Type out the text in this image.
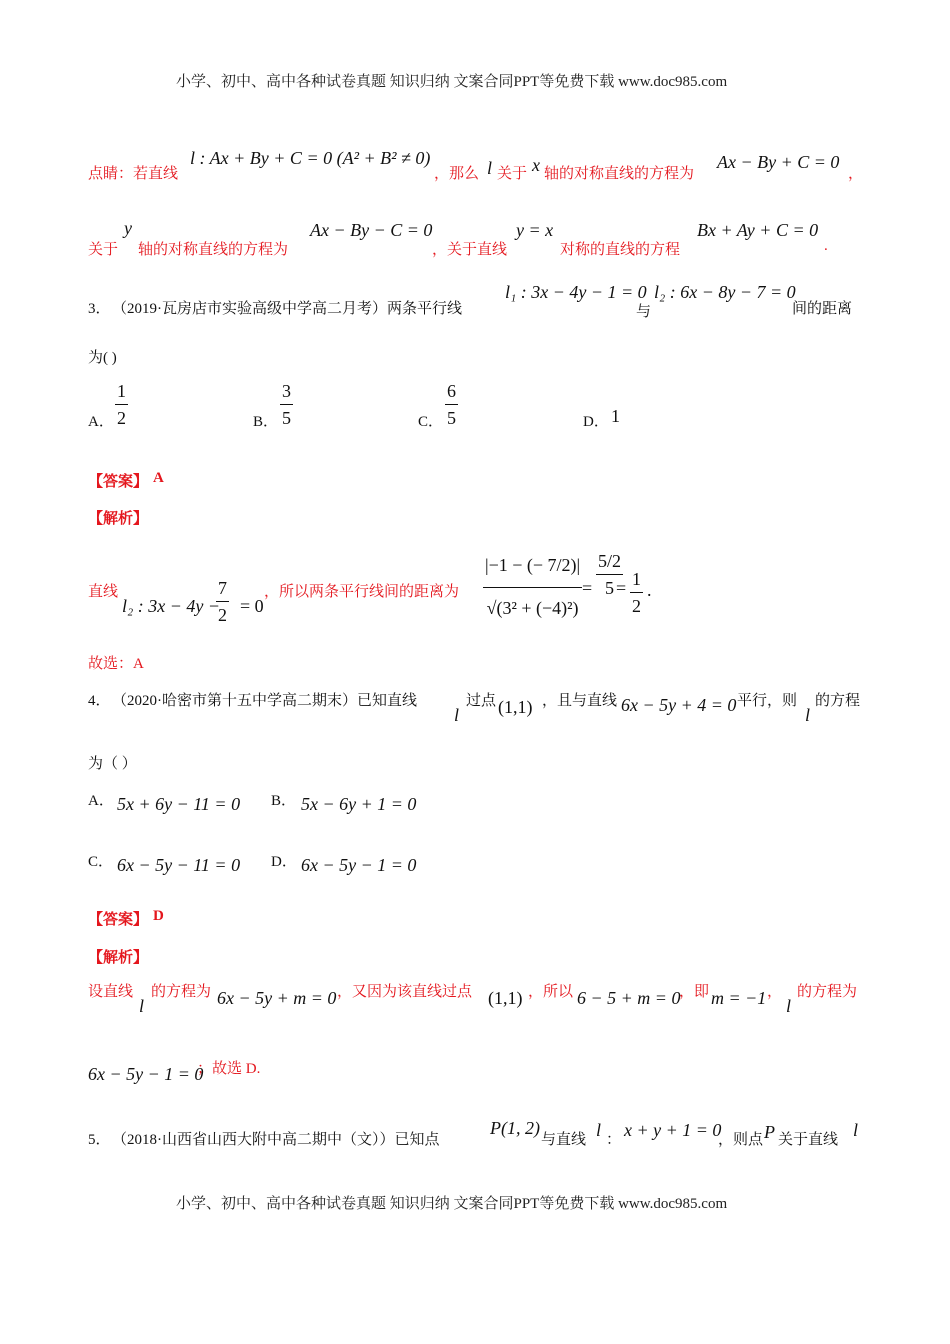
小学、初中、高中各种试卷真题 知识归纳 文案合同PPT等免费下载 www.doc985.com
点睛：若直线
l : Ax + By + C = 0 (A² + B² ≠ 0)
，那么 l 关于 x 轴的对称直线的方程为
Ax − By + C = 0
，
关于
y
轴的对称直线的方程为
Ax − By − C = 0
，关于直线
y = x
对称的直线的方程
Bx + Ay + C = 0
.
3． （2019·瓦房店市实验高级中学高二月考）两条平行线
l₁ : 3x − 4y − 1 = 0
与
l₂ : 6x − 8y − 7 = 0
间的距离
为( )
A． $\frac{1}{2}$	B． $\frac{3}{5}$	C． $\frac{6}{5}$	D． 1
【答案】 A
【解析】
直线
l₂ : 3x − 4y −
$\frac{7}{2} = 0$
，所以两条平行线间的距离为 $\frac{|-1 - (- 7/2)|}{\text{√(3² + (−4)²)}} = \frac{5/2}{5}$
= $\frac{1}{2}$ .
故选：A
4． （2020·哈密市第十五中学高二期末）已知直线
l
过点 (1,1) ，且与直线 6x − 5y + 4 = 0 平行，则
l
的方程
为（ ）
A． 5x + 6y − 11 = 0 B． 5x − 6y + 1 = 0
C． 6x − 5y − 11 = 0 D． 6x − 5y − 1 = 0
【答案】 D
【解析】
设直线
l
的方程为 6x − 5y + m = 0 ，又因为该直线过点 (1,1) ，所以 6 − 5 + m = 0
，即 m = −1 ，
l
的方程为
6x − 5y − 1 = 0
；故选 D.
5． （2018·山西省山西大附中高二期中（文））已知点
P(1, 2)
与直线 l ： x + y + 1 = 0
，则点 P 关于直线 l
小学、初中、高中各种试卷真题 知识归纳 文案合同PPT等免费下载 www.doc985.com
